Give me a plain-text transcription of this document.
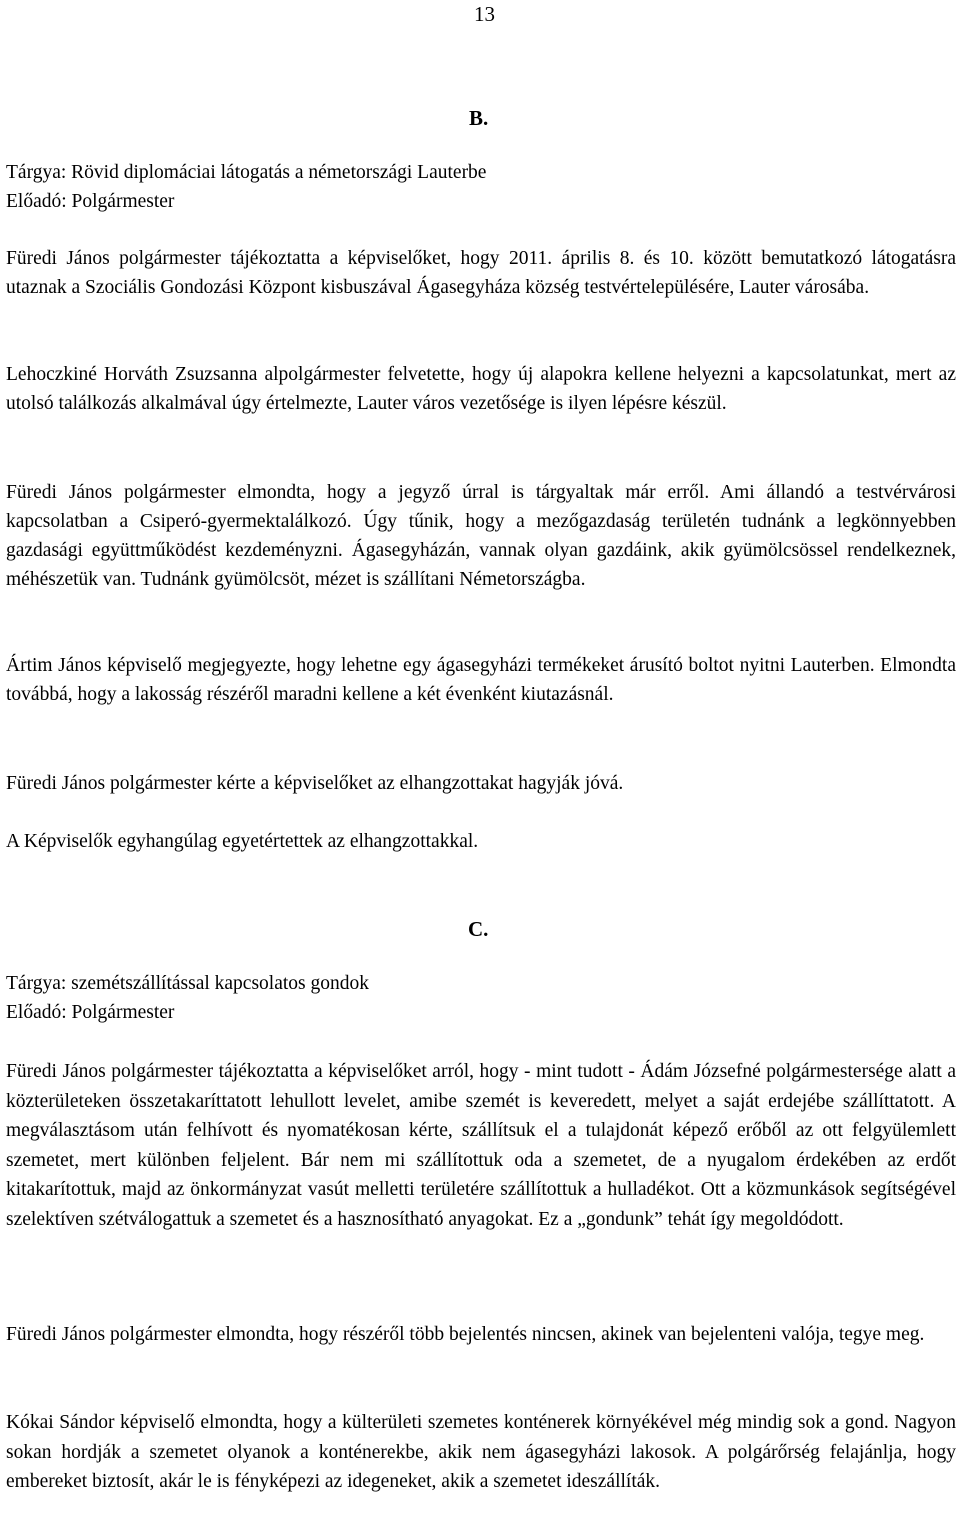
13
B.
Tárgya: Rövid diplomáciai látogatás a németországi Lauterbe
Előadó: Polgármester
Füredi János polgármester tájékoztatta a képviselőket, hogy 2011. április 8. és 10. között bemutatkozó látogatásra utaznak a Szociális Gondozási Központ kisbuszával Ágasegyháza község testvértelepülésére, Lauter városába.
Lehoczkiné Horváth Zsuzsanna alpolgármester felvetette, hogy új alapokra kellene helyezni a kapcsolatunkat, mert az utolsó találkozás alkalmával úgy értelmezte, Lauter város vezetősége is ilyen lépésre készül.
Füredi János polgármester elmondta, hogy a jegyző úrral is tárgyaltak már erről. Ami állandó a testvérvárosi kapcsolatban a Csiperó-gyermektalálkozó. Úgy tűnik, hogy a mezőgazdaság területén tudnánk a legkönnyebben gazdasági együttműködést kezdeményzni. Ágasegyházán, vannak olyan gazdáink, akik gyümölcsössel rendelkeznek, méhészetük van. Tudnánk gyümölcsöt, mézet is szállítani Németországba.
Ártim János képviselő megjegyezte, hogy lehetne egy ágasegyházi termékeket árusító boltot nyitni Lauterben. Elmondta továbbá, hogy a lakosság részéről maradni kellene a két évenként kiutazásnál.
Füredi János polgármester kérte a képviselőket az elhangzottakat hagyják jóvá.
A Képviselők egyhangúlag egyetértettek az elhangzottakkal.
C.
Tárgya: szemétszállítással kapcsolatos gondok
Előadó: Polgármester
Füredi János polgármester tájékoztatta a képviselőket arról, hogy - mint tudott - Ádám Józsefné polgármestersége alatt a közterületeken összetakaríttatott lehullott levelet, amibe szemét is keveredett, melyet a saját erdejébe szállíttatott. A megválasztásom után felhívott és nyomatékosan kérte, szállítsuk el a tulajdonát képező erőből az ott felgyülemlett szemetet, mert különben feljelent. Bár nem mi szállítottuk oda a szemetet, de a nyugalom érdekében az erdőt kitakarítottuk, majd az önkormányzat vasút melletti területére szállítottuk a hulladékot. Ott a közmunkások segítségével szelektíven szétválogattuk a szemetet és a hasznosítható anyagokat. Ez a „gondunk” tehát így megoldódott.
Füredi János polgármester elmondta, hogy részéről több bejelentés nincsen, akinek van bejelenteni valója, tegye meg.
Kókai Sándor képviselő elmondta, hogy a külterületi szemetes konténerek környékével még mindig sok a gond. Nagyon sokan hordják a szemetet olyanok a konténerekbe, akik nem ágasegyházi lakosok. A polgárőrség felajánlja, hogy embereket biztosít, akár le is fényképezi az idegeneket, akik a szemetet ideszállíták.
